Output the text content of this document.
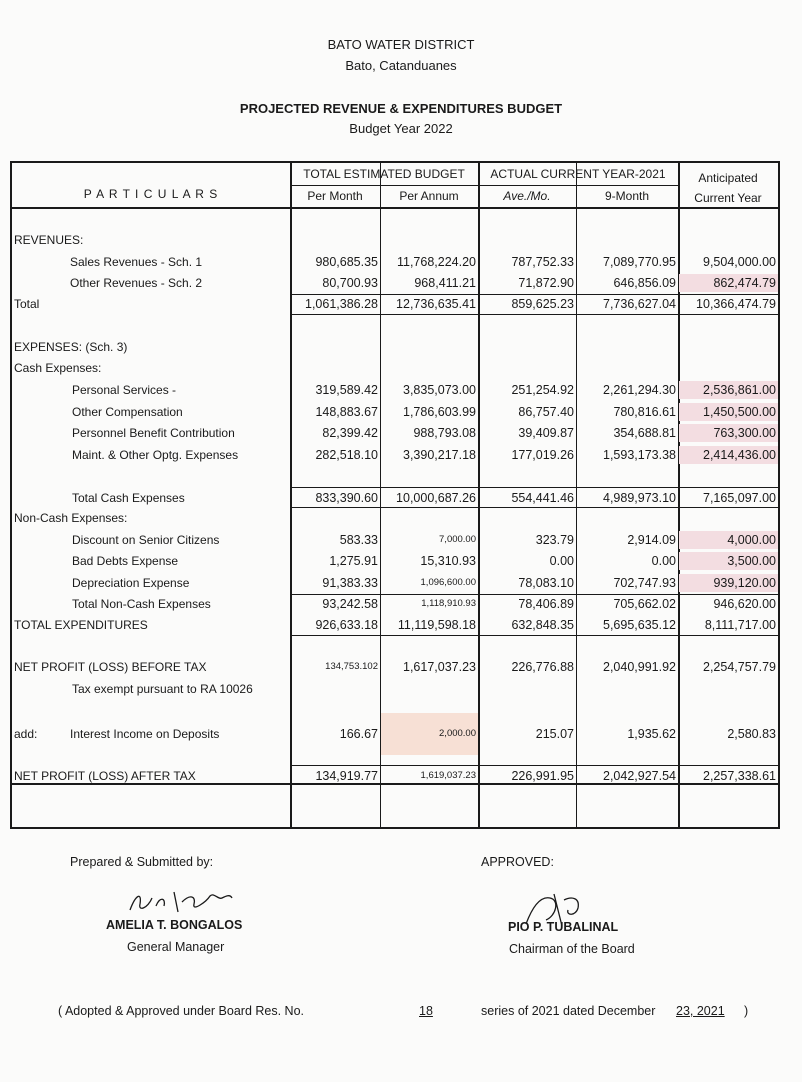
BATO WATER DISTRICT
Bato, Catanduanes
PROJECTED REVENUE & EXPENDITURES BUDGET
Budget Year 2022
P A R T I C U L A R S
TOTAL ESTIMATED BUDGET	ACTUAL CURRENT YEAR-2021
Per Month	Per Annum	Ave./Mo.	9-Month
Anticipated
Current Year
REVENUES:
Sales Revenues - Sch. 1	980,685.35	11,768,224.20	787,752.33	7,089,770.95	9,504,000.00
Other Revenues - Sch. 2	80,700.93	968,411.21	71,872.90	646,856.09	862,474.79
Total	1,061,386.28	12,736,635.41	859,625.23	7,736,627.04	10,366,474.79
EXPENSES: (Sch. 3)
Cash Expenses:
Personal Services -	319,589.42	3,835,073.00	251,254.92	2,261,294.30	2,536,861.00
Other Compensation	148,883.67	1,786,603.99	86,757.40	780,816.61	1,450,500.00
Personnel Benefit Contribution	82,399.42	988,793.08	39,409.87	354,688.81	763,300.00
Maint. & Other Optg. Expenses	282,518.10	3,390,217.18	177,019.26	1,593,173.38	2,414,436.00
Total Cash Expenses	833,390.60	10,000,687.26	554,441.46	4,989,973.10	7,165,097.00
Non-Cash Expenses:
Discount on Senior Citizens	583.33	7,000.00	323.79	2,914.09	4,000.00
Bad Debts Expense	1,275.91	15,310.93	0.00	0.00	3,500.00
Depreciation Expense	91,383.33	1,096,600.00	78,083.10	702,747.93	939,120.00
Total Non-Cash Expenses	93,242.58	1,118,910.93	78,406.89	705,662.02	946,620.00
TOTAL EXPENDITURES	926,633.18	11,119,598.18	632,848.35	5,695,635.12	8,111,717.00
NET PROFIT (LOSS) BEFORE TAX	134,753.102	1,617,037.23	226,776.88	2,040,991.92	2,254,757.79
Tax exempt pursuant to RA 10026
add:	Interest Income on Deposits	166.67	2,000.00	215.07	1,935.62	2,580.83
NET PROFIT (LOSS) AFTER TAX	134,919.77	1,619,037.23	226,991.95	2,042,927.54	2,257,338.61
Prepared & Submitted by:	APPROVED:
AMELIA T. BONGALOS
General Manager
PIO P. TUBALINAL
Chairman of the Board
( Adopted & Approved under Board Res. No.	18	series of 2021 dated December 23, 2021 )
